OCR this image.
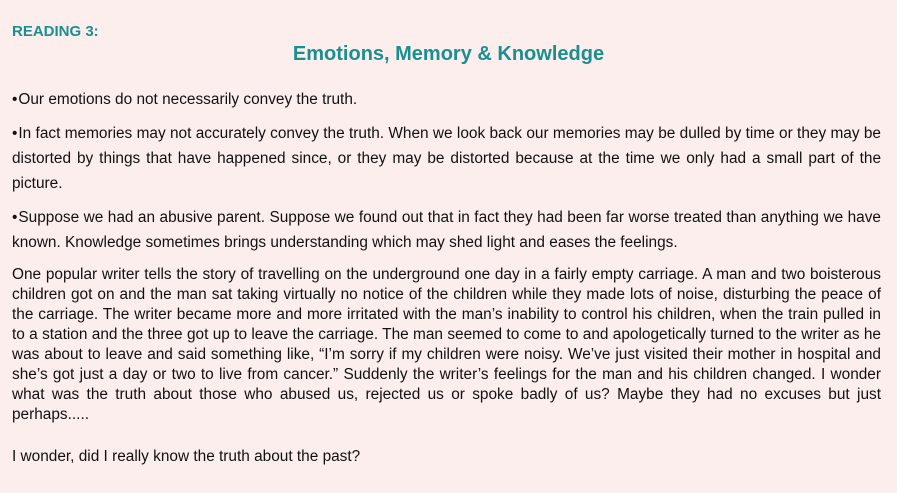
READING 3:
Emotions, Memory & Knowledge
•Our emotions do not necessarily convey the truth.
•In fact memories may not accurately convey the truth. When we look back our memories may be dulled by time or they may be distorted by things that have happened since, or they may be distorted because at the time we only had a small part of the picture.
•Suppose we had an abusive parent. Suppose we found out that in fact they had been far worse treated than anything we have known. Knowledge sometimes brings understanding which may shed light and eases the feelings.
One popular writer tells the story of travelling on the underground one day in a fairly empty carriage. A man and two boisterous children got on and the man sat taking virtually no notice of the children while they made lots of noise, disturbing the peace of the carriage. The writer became more and more irritated with the man’s inability to control his children, when the train pulled in to a station and the three got up to leave the carriage. The man seemed to come to and apologetically turned to the writer as he was about to leave and said something like, “I’m sorry if my children were noisy. We’ve just visited their mother in hospital and she’s got just a day or two to live from cancer.” Suddenly the writer’s feelings for the man and his children changed. I wonder what was the truth about those who abused us, rejected us or spoke badly of us? Maybe they had no excuses but just perhaps.....
I wonder, did I really know the truth about the past?
